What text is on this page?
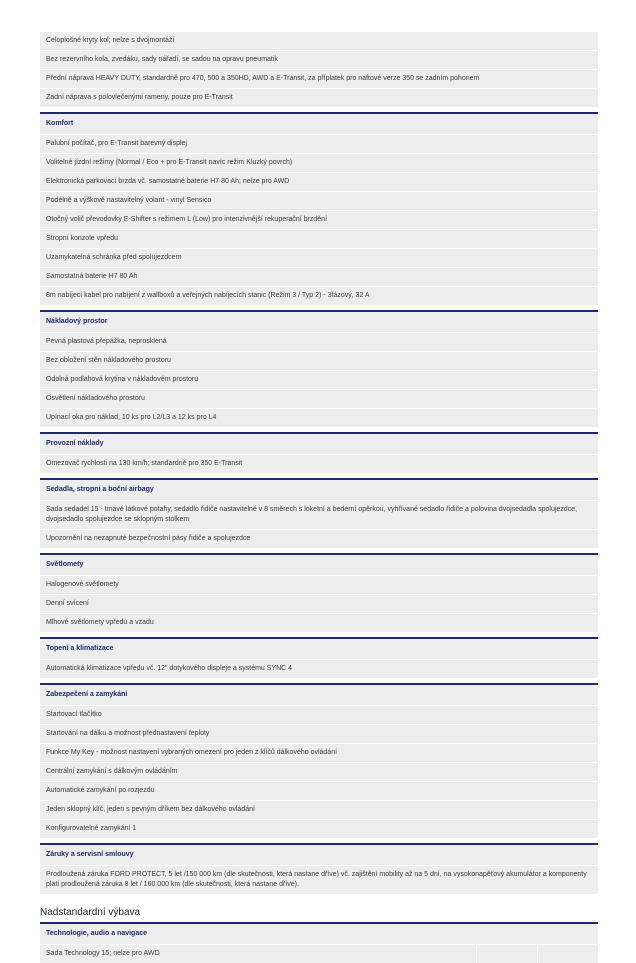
Celoplošné kryty kol; nelze s dvojmontáží
Bez rezervního kola, zvedáku, sady nářadí, se sadou na opravu pneumatik
Přední náprava HEAVY DUTY, standardně pro 470, 500 a 350HD, AWD a E-Transit, za příplatek pro naftové verze 350 se zadním pohonem
Zadní náprava s polovlečenými rameny, pouze pro E-Transit
Komfort
Palubní počítač, pro E-Transit barevný displej
Volitelné jízdní režimy (Normal / Eco + pro E-Transit navíc režim Kluzký povrch)
Elektronická parkovací brzda vč. samostatné baterie H7 80 Ah; nelze pro AWD
Podélně a výškově nastavitelný volant - vinyl Sensico
Otočný volič převodovky E-Shifter s režimem L (Low) pro intenzivnější rekuperační brzdění
Stropní konzole vpředu
Uzamykatelná schránka před spolujezdcem
Samostatná baterie H7 80 Ah
8m nabíjecí kabel pro nabíjení z wallboxů a veřejných nabíjecích stanic (Režim 3 / Typ 2) - 3fázový, 32 A
Nákladový prostor
Pevná plastová přepážka, neprosklená
Bez obložení stěn nákladového prostoru
Odolná podlahová krytina v nákladovém prostoru
Osvětlení nákladového prostoru
Upínací oka pro náklad, 10 ks pro L2/L3 a 12 ks pro L4
Provozní náklady
Omezovač rychlosti na 130 km/h; standardně pro 350 E-Transit
Sedadla, stropní a boční airbagy
Sada sedadel 15 - tmavé látkové potahy, sedadlo řidiče nastavitelné v 8 směrech s loketní a bederní opěrkou, vyhřívané sedadlo řidiče a polovina dvojsedadla spolujezdce, dvojsedadlo spolujezdce se sklopným stolkem
Upozornění na nezapnuté bezpečnostní pásy řidiče a spolujezdce
Světlomety
Halogenové světlomety
Denní svícení
Mlhové světlomety vpředu a vzadu
Topení a klimatizace
Automatická klimatizace vpředu vč. 12" dotykového displeje a systému SYNC 4
Zabezpečení a zamykání
Startovací tlačítko
Startování na dálku a možnost přednastavení teploty
Funkce My Key - možnost nastavení vybraných omezení pro jeden z klíčů dálkového ovládání
Centrální zamykání s dálkovým ovládáním
Automatické zamykání po rozjezdu
Jeden sklopný klíč, jeden s pevným dříkem bez dálkového ovládání
Konfigurovatelné zamykání 1
Záruky a servisní smlouvy
Prodloužená záruka FORD PROTECT, 5 let /150 000 km (dle skutečnosti, která nastane dříve) vč. zajištění mobility až na 5 dní, na vysokonapěťový akumulátor a komponenty platí prodloužená záruka 8 let / 160 000 km (dle skutečnosti, která nastane dříve).
Nadstandardní výbava
Technologie, audio a navigace
Sada Technology 15; nelze pro AWD
